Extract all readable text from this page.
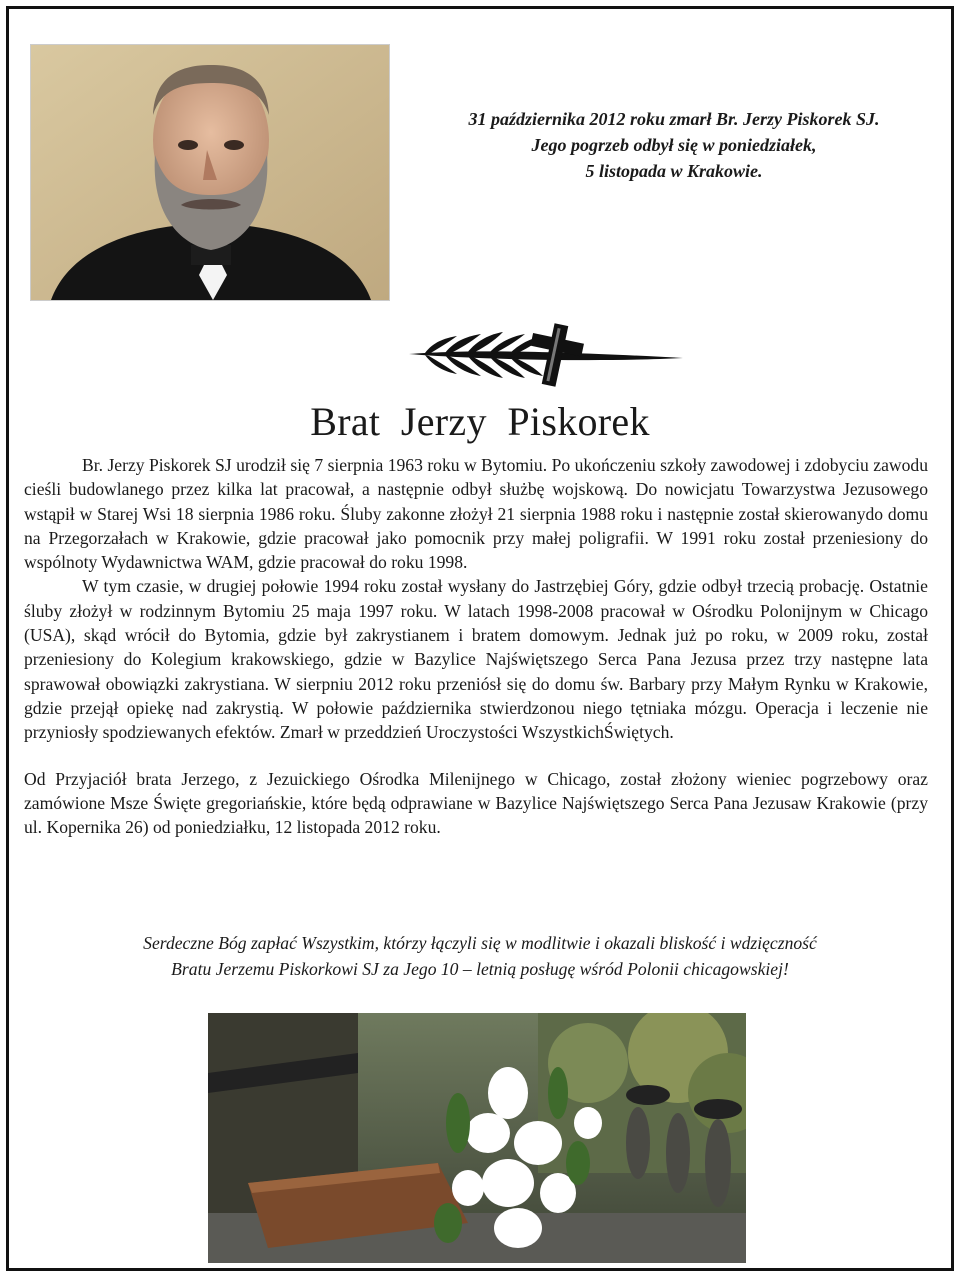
31 października 2012 roku zmarł Br. Jerzy Piskorek SJ.
Jego pogrzeb odbył się w poniedziałek,
5 listopada w Krakowie.
Brat  Jerzy  Piskorek

Br. Jerzy Piskorek SJ urodził się 7 sierpnia 1963 roku w Bytomiu. Po ukończeniu szkoły zawodowej i zdobyciu zawodu cieśli budowlanego przez kilka lat pracował, a następnie odbył służbę wojskową. Do nowicjatu Towarzystwa Jezusowego wstąpił w Starej Wsi 18 sierpnia 1986 roku. Śluby zakonne złożył 21 sierpnia 1988 roku i następnie został skierowanydo domu na Przegorzałach w Krakowie, gdzie pracował jako pomocnik przy małej poligrafii. W 1991 roku został przeniesiony do wspólnoty Wydawnictwa WAM, gdzie pracował do roku 1998.

W tym czasie, w drugiej połowie 1994 roku został wysłany do Jastrzębiej Góry, gdzie odbył trzecią probację. Ostatnie śluby złożył w rodzinnym Bytomiu 25 maja 1997 roku. W latach 1998-2008 pracował w Ośrodku Polonijnym w Chicago (USA), skąd wrócił do Bytomia, gdzie był zakrystianem i bratem domowym. Jednak już po roku, w 2009 roku, został przeniesiony do Kolegium krakowskiego, gdzie w Bazylice Najświętszego Serca Pana Jezusa przez trzy następne lata sprawował obowiązki zakrystiana. W sierpniu 2012 roku przeniósł się do domu św. Barbary przy Małym Rynku w Krakowie, gdzie przejął opiekę nad zakrystią. W połowie października stwierdzonou niego tętniaka mózgu. Operacja i leczenie nie przyniosły spodziewanych efektów. Zmarł w przeddzień Uroczystości WszystkichŚwiętych.

Od Przyjaciół brata Jerzego, z Jezuickiego Ośrodka Milenijnego w Chicago, został złożony wieniec pogrzebowy oraz zamówione Msze Święte gregoriańskie, które będą odprawiane w Bazylice Najświętszego Serca Pana Jezusaw Krakowie (przy ul. Kopernika 26) od poniedziałku, 12 listopada 2012 roku.

Serdeczne Bóg zapłać Wszystkim, którzy łączyli się w modlitwie i okazali bliskość i wdzięczność
Bratu Jerzemu Piskorkowi SJ za Jego 10 – letnią posługę wśród Polonii chicagowskiej!
